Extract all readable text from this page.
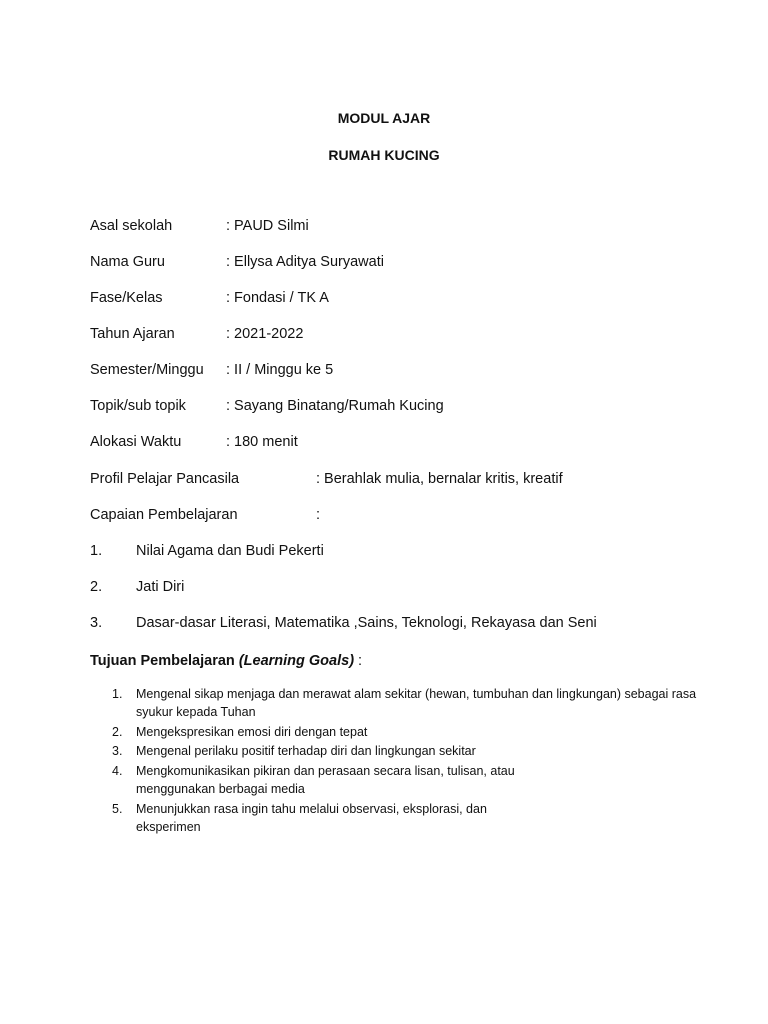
MODUL AJAR
RUMAH KUCING
Asal sekolah	: PAUD Silmi
Nama Guru	: Ellysa Aditya Suryawati
Fase/Kelas	: Fondasi / TK A
Tahun Ajaran	: 2021-2022
Semester/Minggu : II / Minggu ke 5
Topik/sub topik	: Sayang Binatang/Rumah Kucing
Alokasi Waktu	: 180 menit
Profil Pelajar Pancasila	: Berahlak mulia, bernalar kritis, kreatif
Capaian Pembelajaran	:
1. Nilai Agama dan Budi Pekerti
2. Jati Diri
3. Dasar-dasar Literasi, Matematika ,Sains, Teknologi, Rekayasa dan Seni
Tujuan Pembelajaran (Learning Goals) :
1. Mengenal sikap menjaga dan merawat alam sekitar (hewan, tumbuhan dan lingkungan) sebagai rasa syukur kepada Tuhan
2. Mengekspresikan emosi diri dengan tepat
3. Mengenal perilaku positif terhadap diri dan lingkungan sekitar
4. Mengkomunikasikan pikiran dan perasaan secara lisan, tulisan, atau menggunakan berbagai media
5. Menunjukkan rasa ingin tahu melalui observasi, eksplorasi, dan eksperimen
